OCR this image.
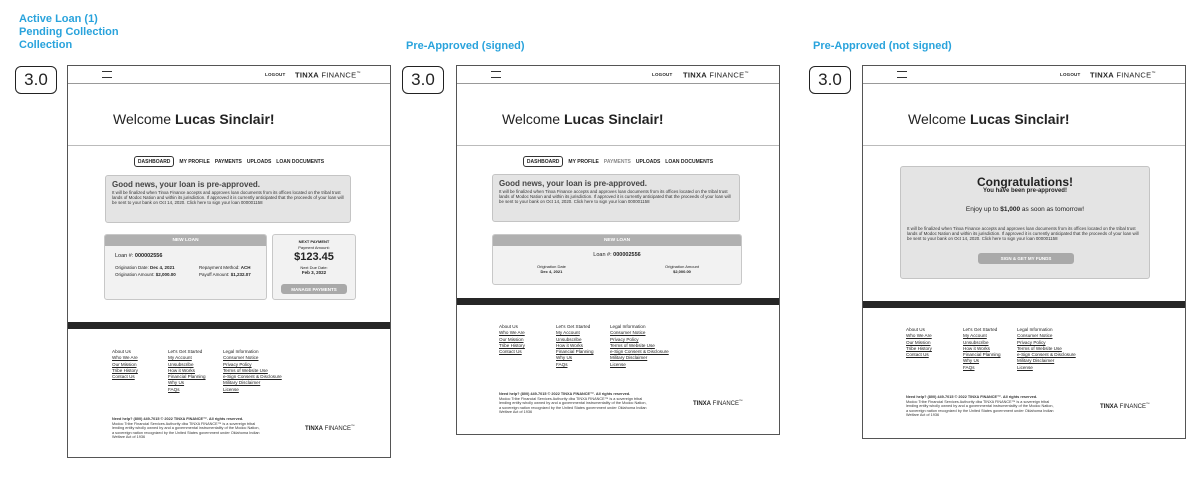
Active Loan (1)
Pending Collection
Collection	Pre-Approved (signed)	Pre-Approved (not signed)
3.0	3.0	3.0
LOGOUT TINXA FINANCE™
Welcome Lucas Sinclair!
DASHBOARD	MY PROFILE PAYMENTS UPLOADS LOAN DOCUMENTS
Good news, your loan is pre-approved.
It will be finalized when Tinxa Finance accepts and approves loan documents from its offices located on the tribal trust lands of Modoc Nation and within its jurisdiction. If approved it is currently anticipated that the proceeds of your loan will be sent to your bank on Oct 14, 2020. Click here to sign your loan 000001158
NEW LOAN
Loan #: 000002556
Origination Date: Dec 4, 2021
Origination Amount: $2,000.00
Repayment Method: ACH
Payoff Amount: $1,232.07
NEXT PAYMENT
Payment Amount:
$123.45
Next Due Date:
Feb 3, 2022
MANAGE PAYMENTS
About Us
Who We Are
Our Mission
Tribe History
Contact Us
Let's Get Started
My Account
Unsubscribe
How it Works
Financial Planning
Why Us
FAQs
Legal Information
Consumer Notice
Privacy Policy
Terms of Website Use
e-Sign Consent & Disclosure
Military Disclaimer
License
Need help? (800) 449-7015 © 2022 TINXA FINANCE™. All rights reserved.
Modoc Tribe Financial Services Authority dba TINXA FINANCE™ is a sovereign tribal lending entity wholly owned by and a governmental instrumentality of the Modoc Nation, a sovereign nation recognized by the United States government under Oklahoma Indian Welfare Act of 1936
TINXA FINANCE™
LOGOUT TINXA FINANCE™
Welcome Lucas Sinclair!
DASHBOARD	MY PROFILE PAYMENTS UPLOADS LOAN DOCUMENTS
Good news, your loan is pre-approved.
It will be finalized when Tinxa Finance accepts and approves loan documents from its offices located on the tribal trust lands of Modoc Nation and within its jurisdiction. If approved it is currently anticipated that the proceeds of your loan will be sent to your bank on Oct 14, 2020. Click here to sign your loan 000001158
NEW LOAN
Loan #: 000002556
Origination Date
Dec 4, 2021
Origination Amount
$2,000.00
About Us
Who We Are
Our Mission
Tribe History
Contact Us
Let's Get Started
My Account
Unsubscribe
How it Works
Financial Planning
Why Us
FAQs
Legal Information
Consumer Notice
Privacy Policy
Terms of Website Use
e-Sign Consent & Disclosure
Military Disclaimer
License
Need help? (800) 449-7015 © 2022 TINXA FINANCE™. All rights reserved.
Modoc Tribe Financial Services Authority dba TINXA FINANCE™ is a sovereign tribal lending entity wholly owned by and a governmental instrumentality of the Modoc Nation, a sovereign nation recognized by the United States government under Oklahoma Indian Welfare Act of 1936
TINXA FINANCE™
LOGOUT TINXA FINANCE™
Welcome Lucas Sinclair!
Congratulations!
You have been pre-approved!
Enjoy up to $1,000 as soon as tomorrow!
It will be finalized when Tinxa Finance accepts and approves loan documents from its offices located on the tribal trust lands of Modoc Nation and within its jurisdiction. If approved it is currently anticipated that the proceeds of your loan will be sent to your bank on Oct 14, 2020. Click here to sign your loan 000001158
SIGN & GET MY FUNDS
About Us
Who We Are
Our Mission
Tribe History
Contact Us
Let's Get Started
My Account
Unsubscribe
How it Works
Financial Planning
Why Us
FAQs
Legal Information
Consumer Notice
Privacy Policy
Terms of Website Use
e-Sign Consent & Disclosure
Military Disclaimer
License
Need help? (800) 449-7015 © 2022 TINXA FINANCE™. All rights reserved.
Modoc Tribe Financial Services Authority dba TINXA FINANCE™ is a sovereign tribal lending entity wholly owned by and a governmental instrumentality of the Modoc Nation, a sovereign nation recognized by the United States government under Oklahoma Indian Welfare Act of 1936
TINXA FINANCE™
